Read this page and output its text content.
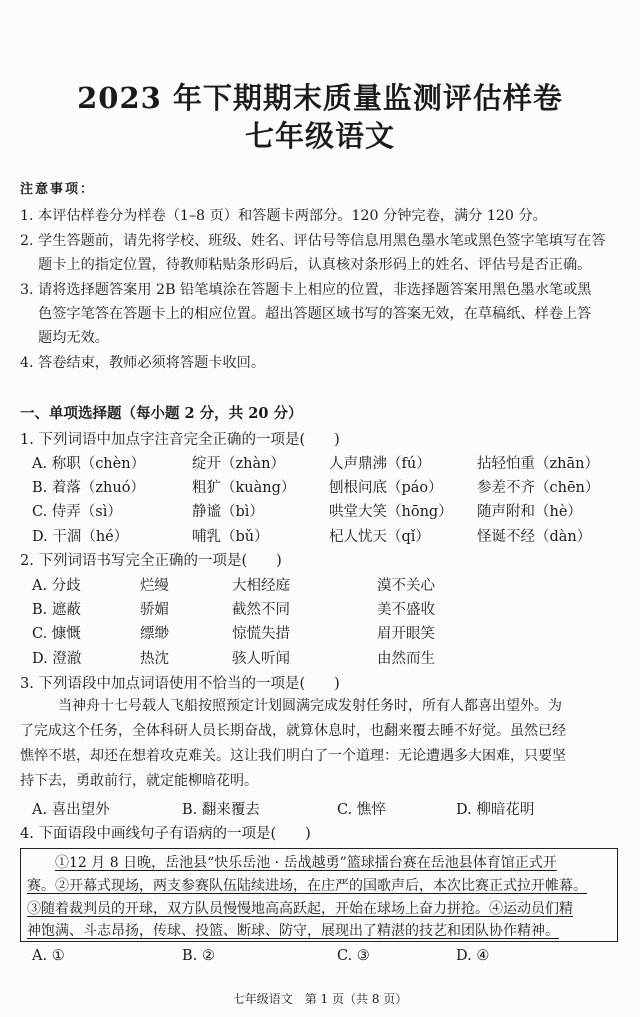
2023 年下期期末质量监测评估样卷
七年级语文
注意事项：
1. 本评估样卷分为样卷（1–8 页）和答题卡两部分。120 分钟完卷，满分 120 分。
2. 学生答题前，请先将学校、班级、姓名、评估号等信息用黑色墨水笔或黑色签字笔填写在答
题卡上的指定位置，待教师粘贴条形码后，认真核对条形码上的姓名、评估号是否正确。
3. 请将选择题答案用 2B 铅笔填涂在答题卡上相应的位置，非选择题答案用黑色墨水笔或黑
色签字笔答在答题卡上的相应位置。超出答题区域书写的答案无效，在草稿纸、样卷上答
题均无效。
4. 答卷结束，教师必须将答题卡收回。
一、单项选择题（每小题 2 分，共 20 分）
1. 下列词语中加点字注音完全正确的一项是(　　)
A. 称职（chèn）	绽开（zhàn）	人声鼎沸（fú）	拈轻怕重（zhān）
B. 着落（zhuó）	粗犷（kuàng） 刨根问底（páo） 参差不齐（chēn）
C. 侍弄（sì）	静谧（bì）	哄堂大笑（hōng） 随声附和（hè）
D. 干涸（hé）	哺乳（bǔ）	杞人忧天（qǐ）	怪诞不经（dàn）
2. 下列词语书写完全正确的一项是(　　)
A. 分歧	烂缦	大相经庭	漠不关心
B. 遮蔽	骄媚	截然不同	美不盛收
C. 慷慨	缥缈	惊慌失措	眉开眼笑
D. 澄澈	热沈	骇人听闻	由然而生
3. 下列语段中加点词语使用不恰当的一项是(　　)
当神舟十七号载人飞船按照预定计划圆满完成发射任务时，所有人都喜出望外。为
了完成这个任务，全体科研人员长期奋战，就算休息时，也翻来覆去睡不好觉。虽然已经
憔悴不堪，却还在想着攻克难关。这让我们明白了一个道理：无论遭遇多大困难，只要坚
持下去，勇敢前行，就定能柳暗花明。
A. 喜出望外	B. 翻来覆去	C. 憔悴	D. 柳暗花明
4. 下面语段中画线句子有语病的一项是(　　)
①12 月 8 日晚，岳池县“快乐岳池 · 岳战越勇”篮球擂台赛在岳池县体育馆正式开
赛。②开幕式现场，两支参赛队伍陆续进场，在庄严的国歌声后，本次比赛正式拉开帷幕。
③随着裁判员的开球，双方队员慢慢地高高跃起，开始在球场上奋力拼抢。④运动员们精
神饱满、斗志昂扬，传球、投篮、断球、防守，展现出了精湛的技艺和团队协作精神。
A. ①	B. ②	C. ③	D. ④
七年级语文　第 1 页（共 8 页）
